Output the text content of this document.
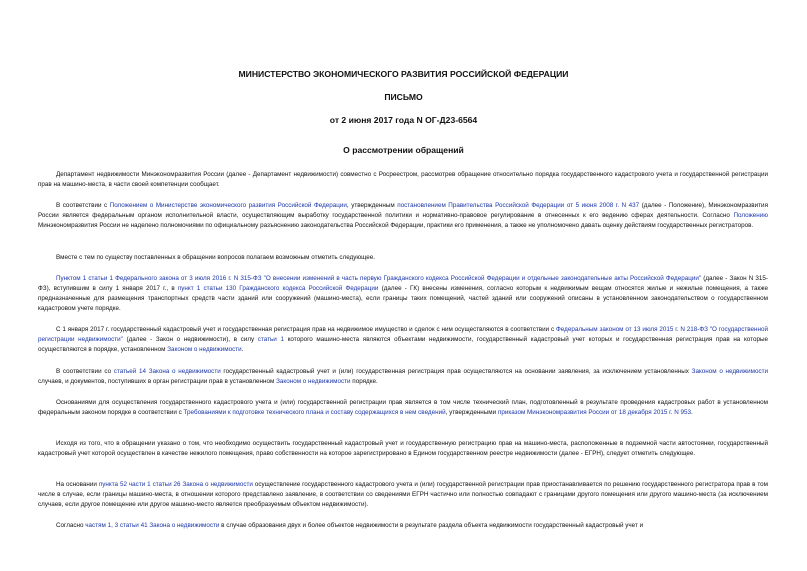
МИНИСТЕРСТВО ЭКОНОМИЧЕСКОГО РАЗВИТИЯ РОССИЙСКОЙ ФЕДЕРАЦИИ
ПИСЬМО
от 2 июня 2017 года N ОГ-Д23-6564
О рассмотрении обращений

Департамент недвижимости Минэкономразвития России (далее - Департамент недвижимости) совместно с Росреестром, рассмотрев обращение относительно порядка государственного кадастрового учета и государственной регистрации прав на машино-места, в части своей компетенции сообщает.

В соответствии с Положением о Министерстве экономического развития Российской Федерации, утвержденным постановлением Правительства Российской Федерации от 5 июня 2008 г. N 437 (далее - Положение), Минэкономразвития России является федеральным органом исполнительной власти, осуществляющим выработку государственной политики и нормативно-правовое регулирование в отнесенных к его ведению сферах деятельности. Согласно Положению Минэкономразвития России не наделено полномочиями по официальному разъяснению законодательства Российской Федерации, практики его применения, а также не уполномочено давать оценку действиям государственных регистраторов.

Вместе с тем по существу поставленных в обращении вопросов полагаем возможным отметить следующее.

Пунктом 1 статьи 1 Федерального закона от 3 июля 2016 г. N 315-ФЗ "О внесении изменений в часть первую Гражданского кодекса Российской Федерации и отдельные законодательные акты Российской Федерации" (далее - Закон N 315-ФЗ), вступившим в силу 1 января 2017 г., в пункт 1 статьи 130 Гражданского кодекса Российской Федерации (далее - ГК) внесены изменения, согласно которым к недвижимым вещам относятся жилые и нежилые помещения, а также предназначенные для размещения транспортных средств части зданий или сооружений (машино-места), если границы таких помещений, частей зданий или сооружений описаны в установленном законодательством о государственном кадастровом учете порядке.

С 1 января 2017 г. государственный кадастровый учет и государственная регистрация прав на недвижимое имущество и сделок с ним осуществляются в соответствии с Федеральным законом от 13 июля 2015 г. N 218-ФЗ "О государственной регистрации недвижимости" (далее - Закон о недвижимости), в силу статьи 1 которого машино-места являются объектами недвижимости, государственный кадастровый учет которых и государственная регистрация прав на которые осуществляются в порядке, установленном Законом о недвижимости.

В соответствии со статьей 14 Закона о недвижимости государственный кадастровый учет и (или) государственная регистрация прав осуществляются на основании заявления, за исключением установленных Законом о недвижимости случаев, и документов, поступивших в орган регистрации прав в установленном Законом о недвижимости порядке.

Основаниями для осуществления государственного кадастрового учета и (или) государственной регистрации прав является в том числе технический план, подготовленный в результате проведения кадастровых работ в установленном федеральным законом порядке в соответствии с Требованиями к подготовке технического плана и составу содержащихся в нем сведений, утвержденными приказом Минэкономразвития России от 18 декабря 2015 г. N 953.

Исходя из того, что в обращении указано о том, что необходимо осуществить государственный кадастровый учет и государственную регистрацию прав на машино-места, расположенные в подземной части автостоянки, государственный кадастровый учет которой осуществлен в качестве нежилого помещения, право собственности на которое зарегистрировано в Едином государственном реестре недвижимости (далее - ЕГРН), следует отметить следующее.

На основании пункта 52 части 1 статьи 26 Закона о недвижимости осуществление государственного кадастрового учета и (или) государственной регистрации прав приостанавливается по решению государственного регистратора прав в том числе в случае, если границы машино-места, в отношении которого представлено заявление, в соответствии со сведениями ЕГРН частично или полностью совпадают с границами другого помещения или другого машино-места (за исключением случаев, если другое помещение или другое машино-место является преобразуемым объектом недвижимости).

Согласно частям 1, 3 статьи 41 Закона о недвижимости в случае образования двух и более объектов недвижимости в результате раздела объекта недвижимости государственный кадастровый учет и
